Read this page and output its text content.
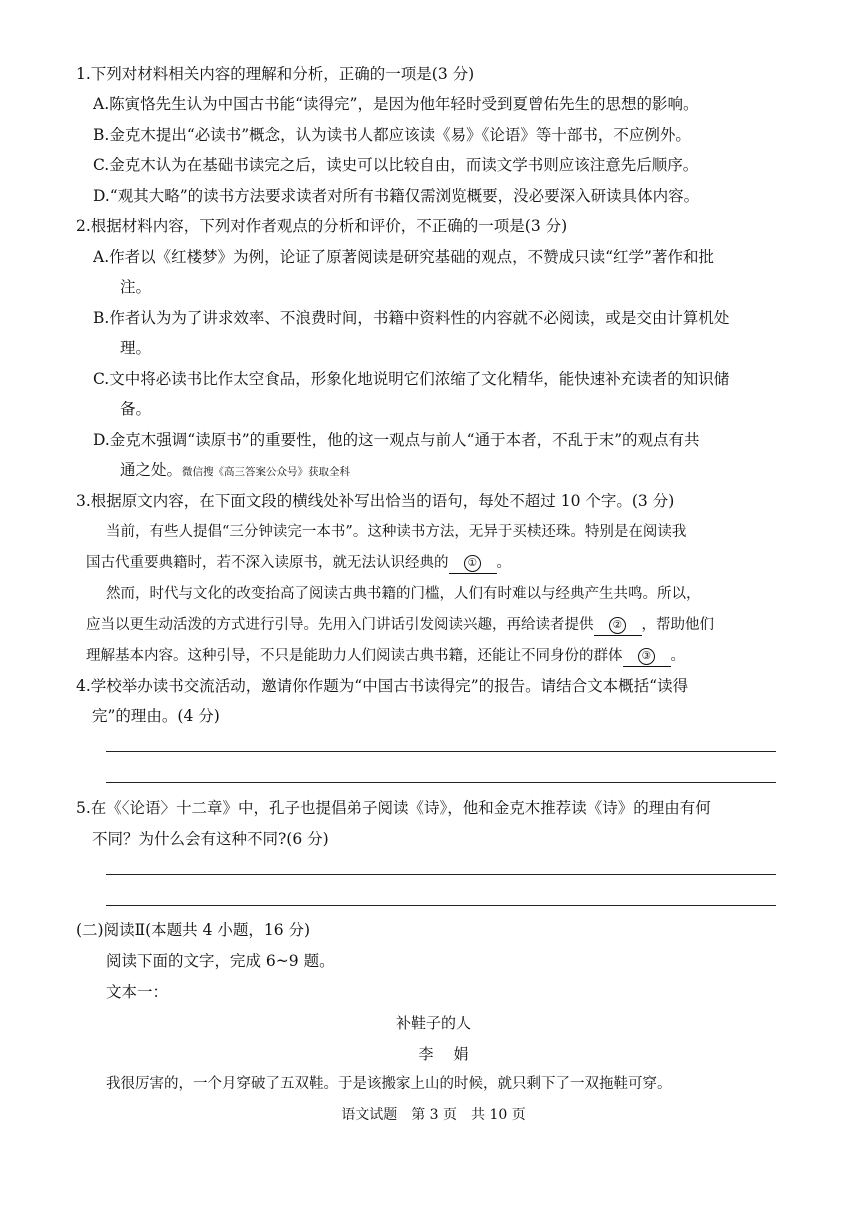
1.下列对材料相关内容的理解和分析，正确的一项是(3 分)
A.陈寅恪先生认为中国古书能“读得完”，是因为他年轻时受到夏曾佑先生的思想的影响。
B.金克木提出“必读书”概念，认为读书人都应该读《易》《论语》等十部书，不应例外。
C.金克木认为在基础书读完之后，读史可以比较自由，而读文学书则应该注意先后顺序。
D.“观其大略”的读书方法要求读者对所有书籍仅需浏览概要，没必要深入研读具体内容。
2.根据材料内容，下列对作者观点的分析和评价，不正确的一项是(3 分)
A.作者以《红楼梦》为例，论证了原著阅读是研究基础的观点，不赞成只读“红学”著作和批
注。
B.作者认为为了讲求效率、不浪费时间，书籍中资料性的内容就不必阅读，或是交由计算机处
理。
C.文中将必读书比作太空食品，形象化地说明它们浓缩了文化精华，能快速补充读者的知识储
备。
D.金克木强调“读原书”的重要性，他的这一观点与前人“通于本者，不乱于末”的观点有共
通之处。微信搜《高三答案公众号》获取全科
3.根据原文内容，在下面文段的横线处补写出恰当的语句，每处不超过 10 个字。(3 分)
当前，有些人提倡“三分钟读完一本书”。这种读书方法，无异于买椟还珠。特别是在阅读我
国古代重要典籍时，若不深入读原书，就无法认识经典的 ① 。
然而，时代与文化的改变抬高了阅读古典书籍的门槛，人们有时难以与经典产生共鸣。所以，
应当以更生动活泼的方式进行引导。先用入门讲话引发阅读兴趣，再给读者提供 ② ，帮助他们
理解基本内容。这种引导，不只是能助力人们阅读古典书籍，还能让不同身份的群体 ③ 。
4.学校举办读书交流活动，邀请你作题为“中国古书读得完”的报告。请结合文本概括“读得
完”的理由。(4 分)
5.在《〈论语〉十二章》中，孔子也提倡弟子阅读《诗》，他和金克木推荐读《诗》的理由有何
不同？为什么会有这种不同?(6 分)
(二)阅读Ⅱ(本题共 4 小题，16 分)
阅读下面的文字，完成 6~9 题。
文本一：
补鞋子的人
李娟
我很厉害的，一个月穿破了五双鞋。于是该搬家上山的时候，就只剩下了一双拖鞋可穿。
语文试题　第 3 页　共 10 页
